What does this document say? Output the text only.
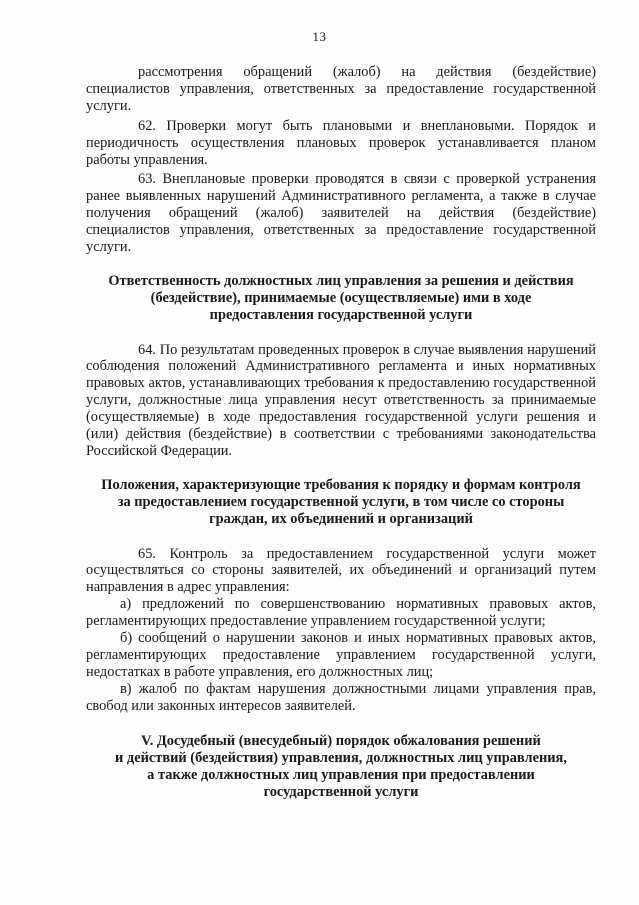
13

рассмотрения обращений (жалоб) на действия (бездействие) специалистов управления, ответственных за предоставление государственной услуги.

62. Проверки могут быть плановыми и внеплановыми. Порядок и периодичность осуществления плановых проверок устанавливается планом работы управления.

63. Внеплановые проверки проводятся в связи с проверкой устранения ранее выявленных нарушений Административного регламента, а также в случае получения обращений (жалоб) заявителей на действия (бездействие) специалистов управления, ответственных за предоставление государственной услуги.

Ответственность должностных лиц управления за решения и действия
(бездействие), принимаемые (осуществляемые) ими в ходе
предоставления государственной услуги

64. По результатам проведенных проверок в случае выявления нарушений соблюдения положений Административного регламента и иных нормативных правовых актов, устанавливающих требования к предоставлению государственной услуги, должностные лица управления несут ответственность за принимаемые (осуществляемые) в ходе предоставления государственной услуги решения и (или) действия (бездействие) в соответствии с требованиями законодательства Российской Федерации.

Положения, характеризующие требования к порядку и формам контроля
за предоставлением государственной услуги, в том числе со стороны
граждан, их объединений и организаций

65. Контроль за предоставлением государственной услуги может осуществляться со стороны заявителей, их объединений и организаций путем направления в адрес управления:

а) предложений по совершенствованию нормативных правовых актов, регламентирующих предоставление управлением государственной услуги;

б) сообщений о нарушении законов и иных нормативных правовых актов, регламентирующих предоставление управлением государственной услуги, недостатках в работе управления, его должностных лиц;

в) жалоб по фактам нарушения должностными лицами управления прав, свобод или законных интересов заявителей.

V. Досудебный (внесудебный) порядок обжалования решений
и действий (бездействия) управления, должностных лиц управления,
а также должностных лиц управления при предоставлении
государственной услуги
